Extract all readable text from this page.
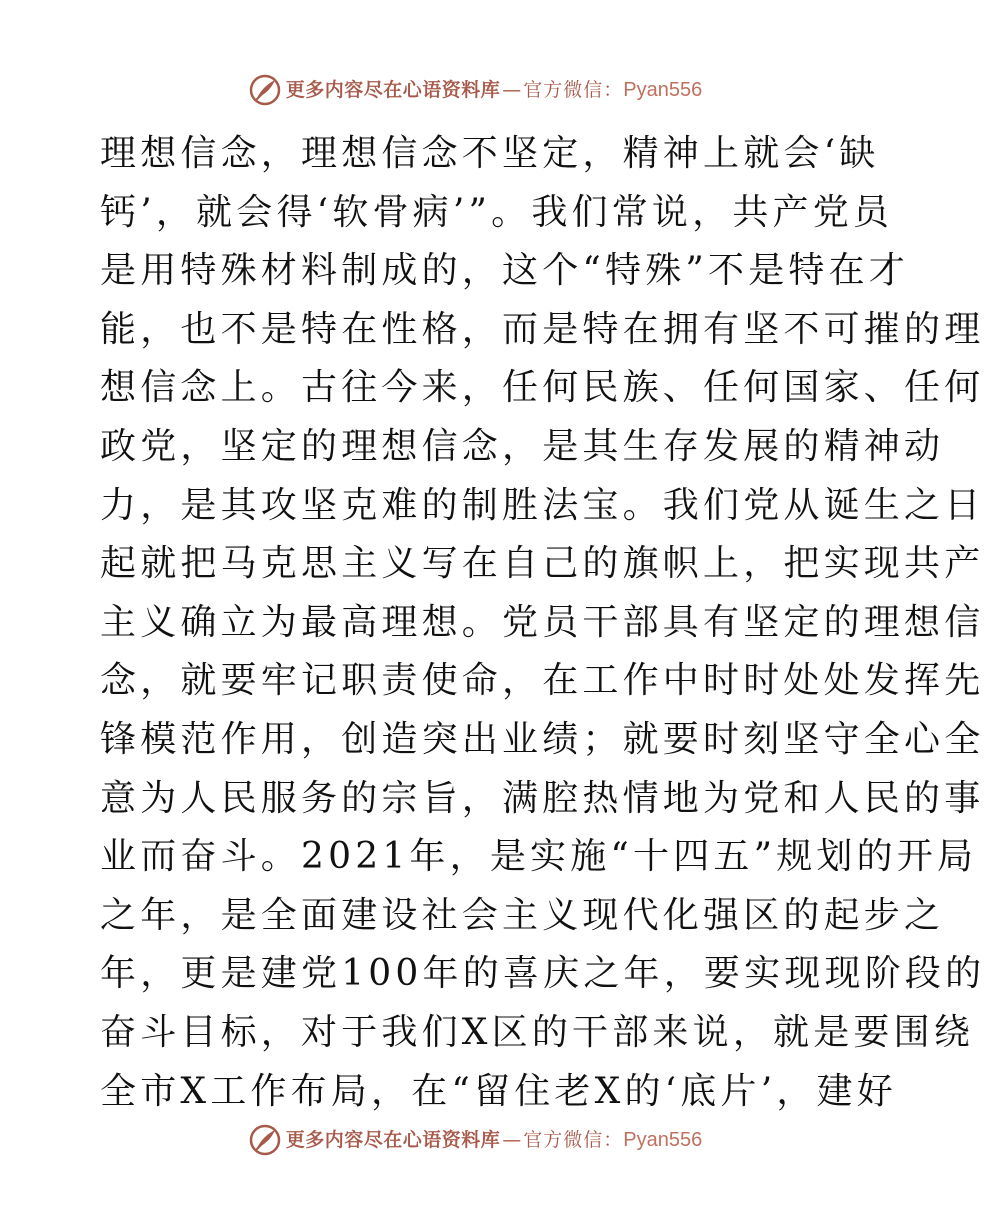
更多内容尽在心语资料库 — 官方微信： Pyan556
理想信念，理想信念不坚定，精神上就会‘缺
钙’，就会得‘软骨病’”。我们常说，共产党员
是用特殊材料制成的，这个“特殊”不是特在才
能，也不是特在性格，而是特在拥有坚不可摧的理
想信念上。古往今来，任何民族、任何国家、任何
政党，坚定的理想信念，是其生存发展的精神动
力，是其攻坚克难的制胜法宝。我们党从诞生之日
起就把马克思主义写在自己的旗帜上，把实现共产
主义确立为最高理想。党员干部具有坚定的理想信
念，就要牢记职责使命，在工作中时时处处发挥先
锋模范作用，创造突出业绩；就要时刻坚守全心全
意为人民服务的宗旨，满腔热情地为党和人民的事
业而奋斗。2021年，是实施“十四五”规划的开局
之年，是全面建设社会主义现代化强区的起步之
年，更是建党100年的喜庆之年，要实现现阶段的
奋斗目标，对于我们X区的干部来说，就是要围绕
全市X工作布局，在“留住老X的‘底片’，建好
更多内容尽在心语资料库 — 官方微信： Pyan556
